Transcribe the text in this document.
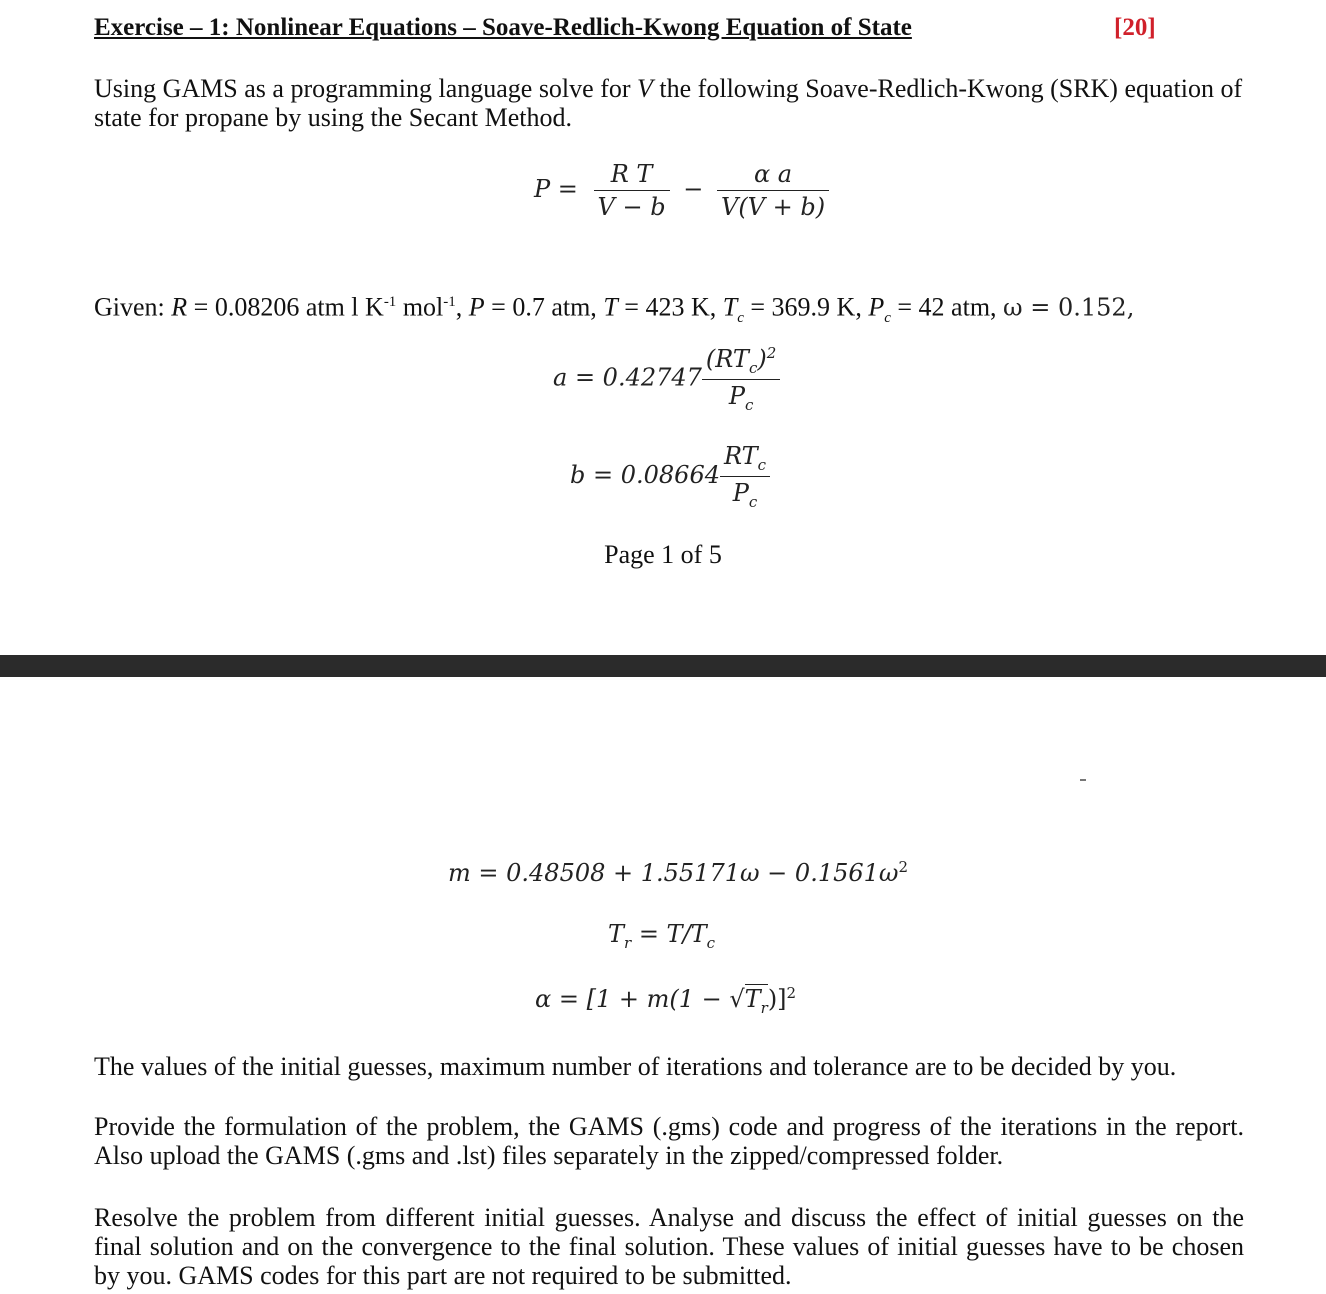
Exercise – 1: Nonlinear Equations – Soave-Redlich-Kwong Equation of State	[20]
Using GAMS as a programming language solve for V the following Soave-Redlich-Kwong (SRK) equation of state for propane by using the Secant Method.
$P = \frac{\text{R T}}{V - b} - \frac{\text{α a}}{V(V + b)}$
Given: R = 0.08206 atm l $K^{-1}$ mol$^{-1}$, P = 0.7 atm, T = 423 K, $T_c = 369.9$ K, $P_c = 42$ atm, ω = 0.152,
$a = 0.42747 \frac{(RT_c)^2}{P_c}$
$b = 0.08664 \frac{RT_c}{P_c}$
Page 1 of 5
$m = 0.48508 + 1.55171\omega - 0.1561\omega^2$
$T_r = T/T_c$
$\alpha = [1 + m(1 - √T_r)]^2$
The values of the initial guesses, maximum number of iterations and tolerance are to be decided by you.
Provide the formulation of the problem, the GAMS (.gms) code and progress of the iterations in the report. Also upload the GAMS (.gms and .lst) files separately in the zipped/compressed folder.
Resolve the problem from different initial guesses. Analyse and discuss the effect of initial guesses on the final solution and on the convergence to the final solution. These values of initial guesses have to be chosen by you. GAMS codes for this part are not required to be submitted.
